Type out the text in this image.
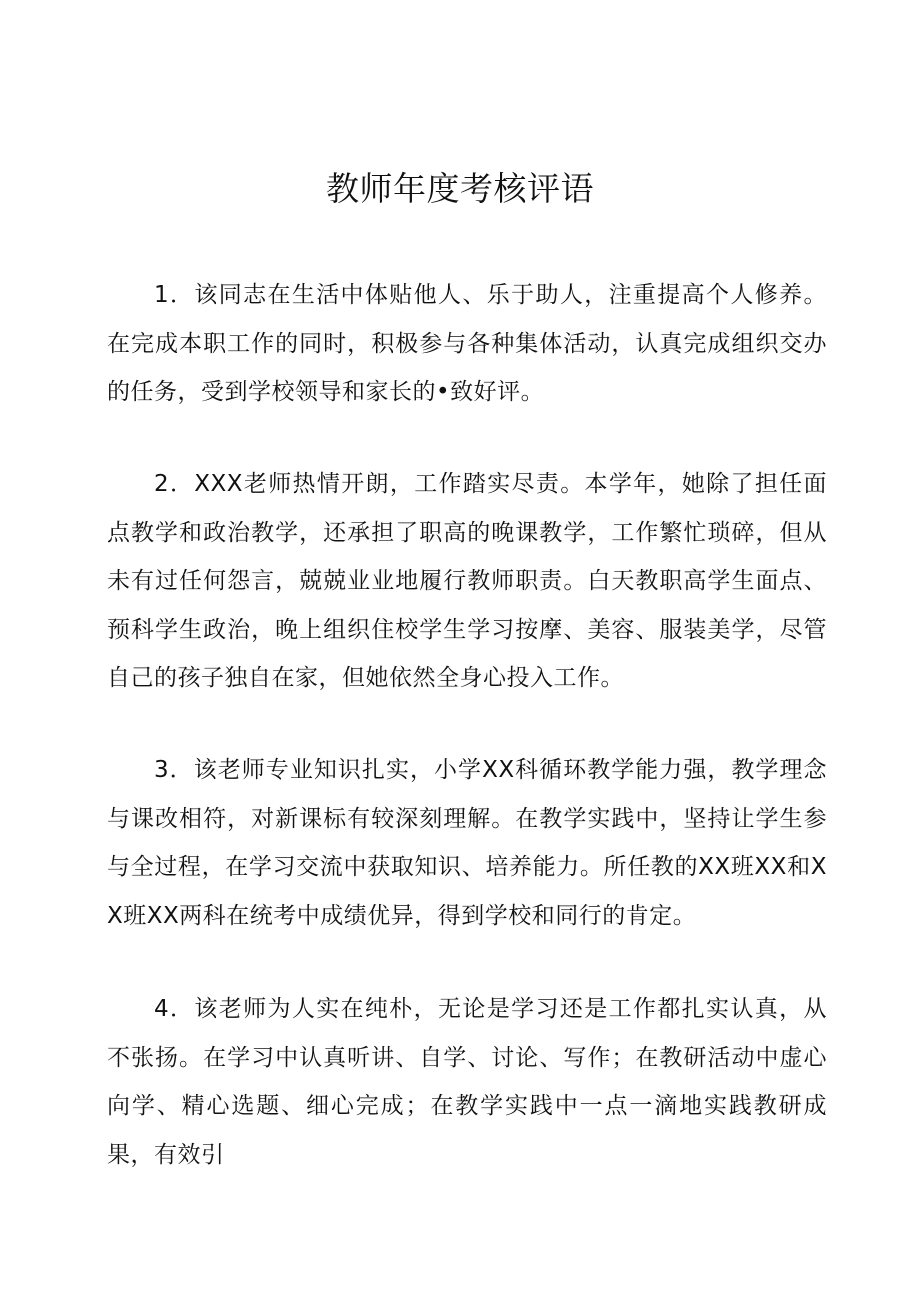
教师年度考核评语

1．该同志在生活中体贴他人、乐于助人，注重提高个人修养。在完成本职工作的同时，积极参与各种集体活动，认真完成组织交办的任务，受到学校领导和家长的•致好评。

2．XXX老师热情开朗，工作踏实尽责。本学年，她除了担任面点教学和政治教学，还承担了职高的晚课教学，工作繁忙琐碎，但从未有过任何怨言，兢兢业业地履行教师职责。白天教职高学生面点、预科学生政治，晚上组织住校学生学习按摩、美容、服装美学，尽管自己的孩子独自在家，但她依然全身心投入工作。

3．该老师专业知识扎实，小学XX科循环教学能力强，教学理念与课改相符，对新课标有较深刻理解。在教学实践中，坚持让学生参与全过程，在学习交流中获取知识、培养能力。所任教的XX班XX和XX班XX两科在统考中成绩优异，得到学校和同行的肯定。

4．该老师为人实在纯朴，无论是学习还是工作都扎实认真，从不张扬。在学习中认真听讲、自学、讨论、写作；在教研活动中虚心向学、精心选题、细心完成；在教学实践中一点一滴地实践教研成果，有效引
